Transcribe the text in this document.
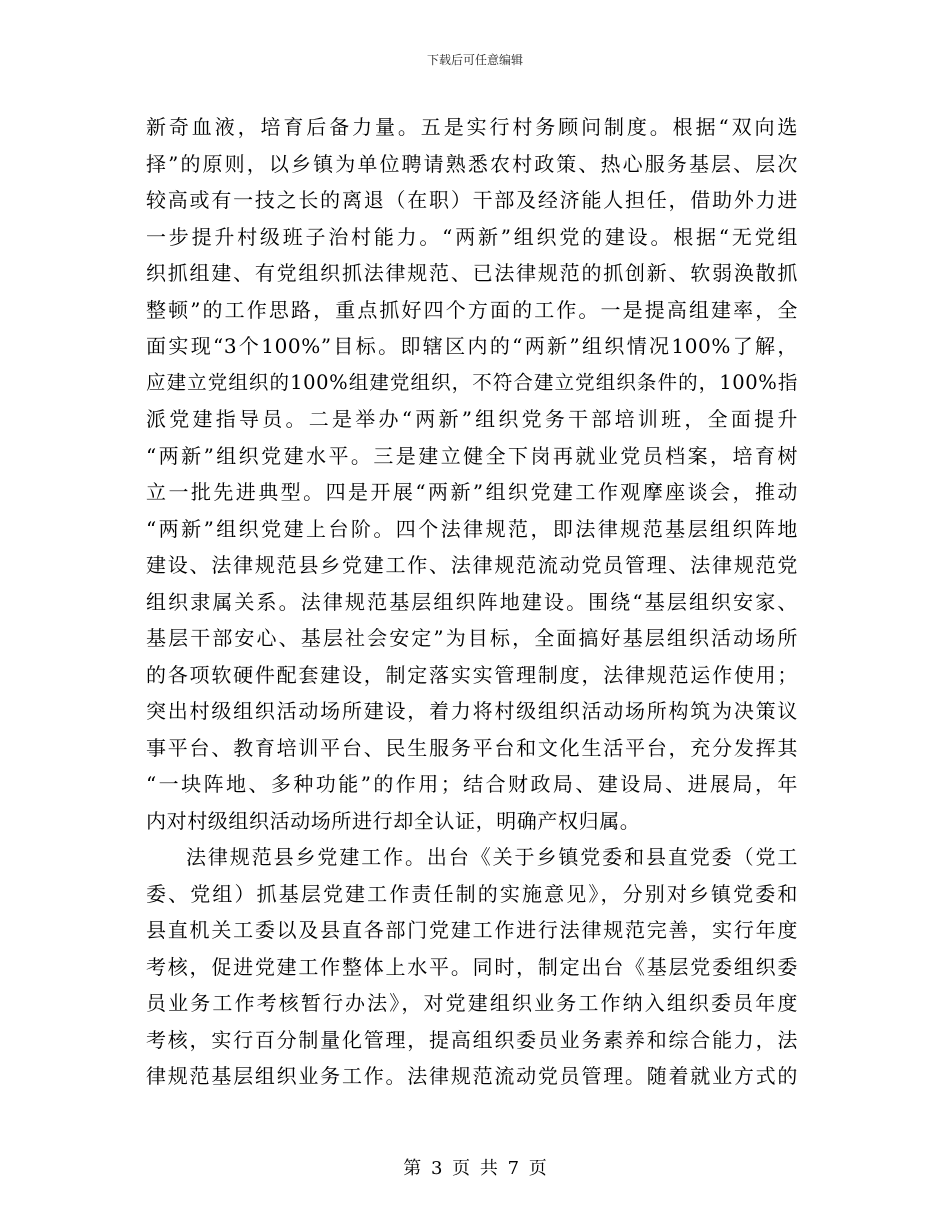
下载后可任意编辑
新奇血液，培育后备力量。五是实行村务顾问制度。根据“双向选
择”的原则，以乡镇为单位聘请熟悉农村政策、热心服务基层、层次
较高或有一技之长的离退（在职）干部及经济能人担任，借助外力进
一步提升村级班子治村能力。“两新”组织党的建设。根据“无党组
织抓组建、有党组织抓法律规范、已法律规范的抓创新、软弱涣散抓
整顿”的工作思路，重点抓好四个方面的工作。一是提高组建率，全
面实现“3个100%”目标。即辖区内的“两新”组织情况100%了解，
应建立党组织的100%组建党组织，不符合建立党组织条件的，100%指
派党建指导员。二是举办“两新”组织党务干部培训班，全面提升
“两新”组织党建水平。三是建立健全下岗再就业党员档案，培育树
立一批先进典型。四是开展“两新”组织党建工作观摩座谈会，推动
“两新”组织党建上台阶。四个法律规范，即法律规范基层组织阵地
建设、法律规范县乡党建工作、法律规范流动党员管理、法律规范党
组织隶属关系。法律规范基层组织阵地建设。围绕“基层组织安家、
基层干部安心、基层社会安定”为目标，全面搞好基层组织活动场所
的各项软硬件配套建设，制定落实实管理制度，法律规范运作使用；
突出村级组织活动场所建设，着力将村级组织活动场所构筑为决策议
事平台、教育培训平台、民生服务平台和文化生活平台，充分发挥其
“一块阵地、多种功能”的作用；结合财政局、建设局、进展局，年
内对村级组织活动场所进行却全认证，明确产权归属。
法律规范县乡党建工作。出台《关于乡镇党委和县直党委（党工
委、党组）抓基层党建工作责任制的实施意见》，分别对乡镇党委和
县直机关工委以及县直各部门党建工作进行法律规范完善，实行年度
考核，促进党建工作整体上水平。同时，制定出台《基层党委组织委
员业务工作考核暂行办法》，对党建组织业务工作纳入组织委员年度
考核，实行百分制量化管理，提高组织委员业务素养和综合能力，法
律规范基层组织业务工作。法律规范流动党员管理。随着就业方式的
第 3 页 共 7 页
